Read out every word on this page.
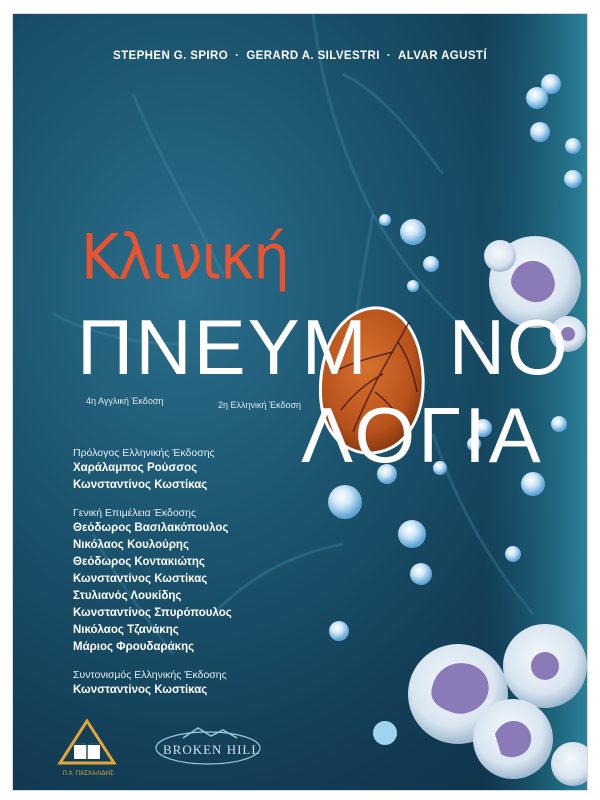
STEPHEN G. SPIRO · GERARD A. SILVESTRI · ALVAR AGUSTÍ
Κλινική
ΠΝΕΥΜ ΝΟ
ΛΟΓΙΑ
4η Αγγλική Έκδοση	2η Ελληνική Έκδοση

Πρόλογος Ελληνικής Έκδοσης

Χαράλαμπος Ρούσσος

Κωνσταντίνος Κωστίκας

Γενική Επιμέλεια Έκδοσης

Θεόδωρος Βασιλακόπουλος

Νικόλαος Κουλούρης

Θεόδωρος Κοντακιώτης

Κωνσταντίνος Κωστίκας

Στυλιανός Λουκίδης

Κωνσταντίνος Σπυρόπουλος

Νικόλαος Τζανάκης

Μάριος Φρουδαράκης

Συντονισμός Ελληνικής Έκδοσης

Κωνσταντίνος Κωστίκας

Π.Χ. ΠΑΣΧΑΛΙΔΗΣ
BROKEN HILL
